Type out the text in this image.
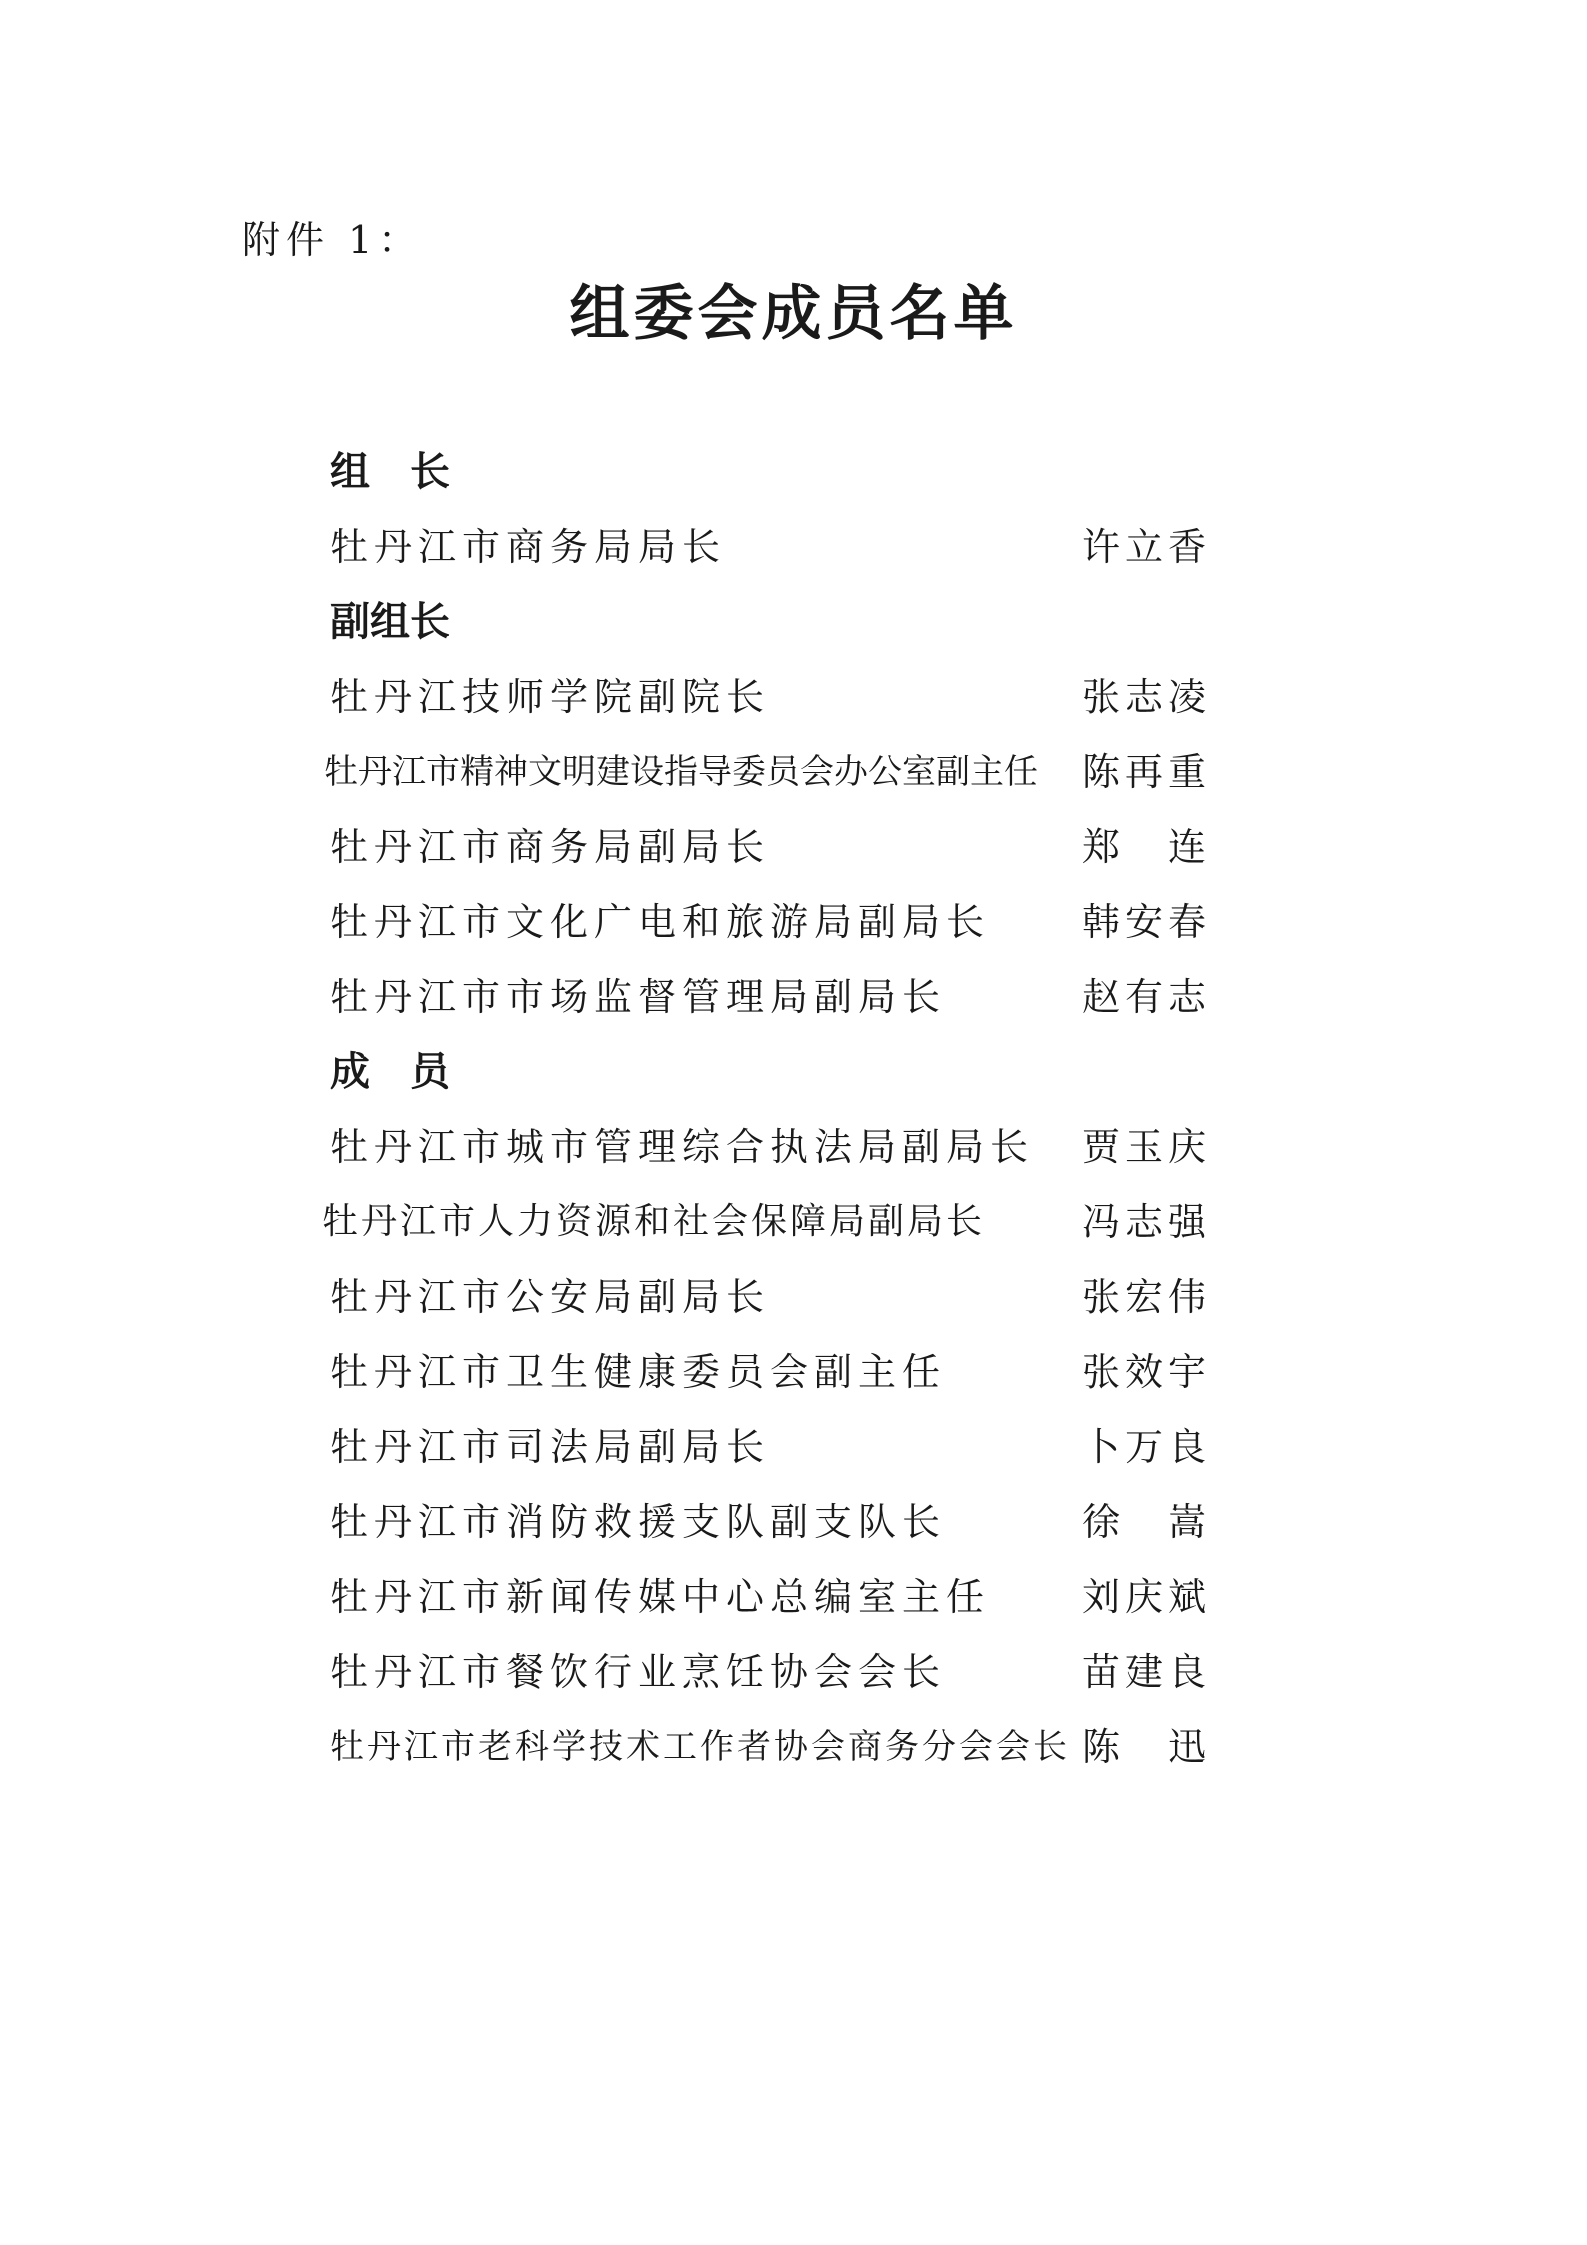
附件 1：
组委会成员名单
组　长
牡丹江市商务局局长	许立香
副组长
牡丹江技师学院副院长	张志凌
牡丹江市精神文明建设指导委员会办公室副主任 陈再重
牡丹江市商务局副局长	郑连
牡丹江市文化广电和旅游局副局长 韩安春
牡丹江市市场监督管理局副局长	赵有志
成　员
牡丹江市城市管理综合执法局副局长 贾玉庆
牡丹江市人力资源和社会保障局副局长	冯志强
牡丹江市公安局副局长	张宏伟
牡丹江市卫生健康委员会副主任	张效宇
牡丹江市司法局副局长	卜万良
牡丹江市消防救援支队副支队长	徐嵩
牡丹江市新闻传媒中心总编室主任 刘庆斌
牡丹江市餐饮行业烹饪协会会长	苗建良
牡丹江市老科学技术工作者协会商务分会会长 陈迅
